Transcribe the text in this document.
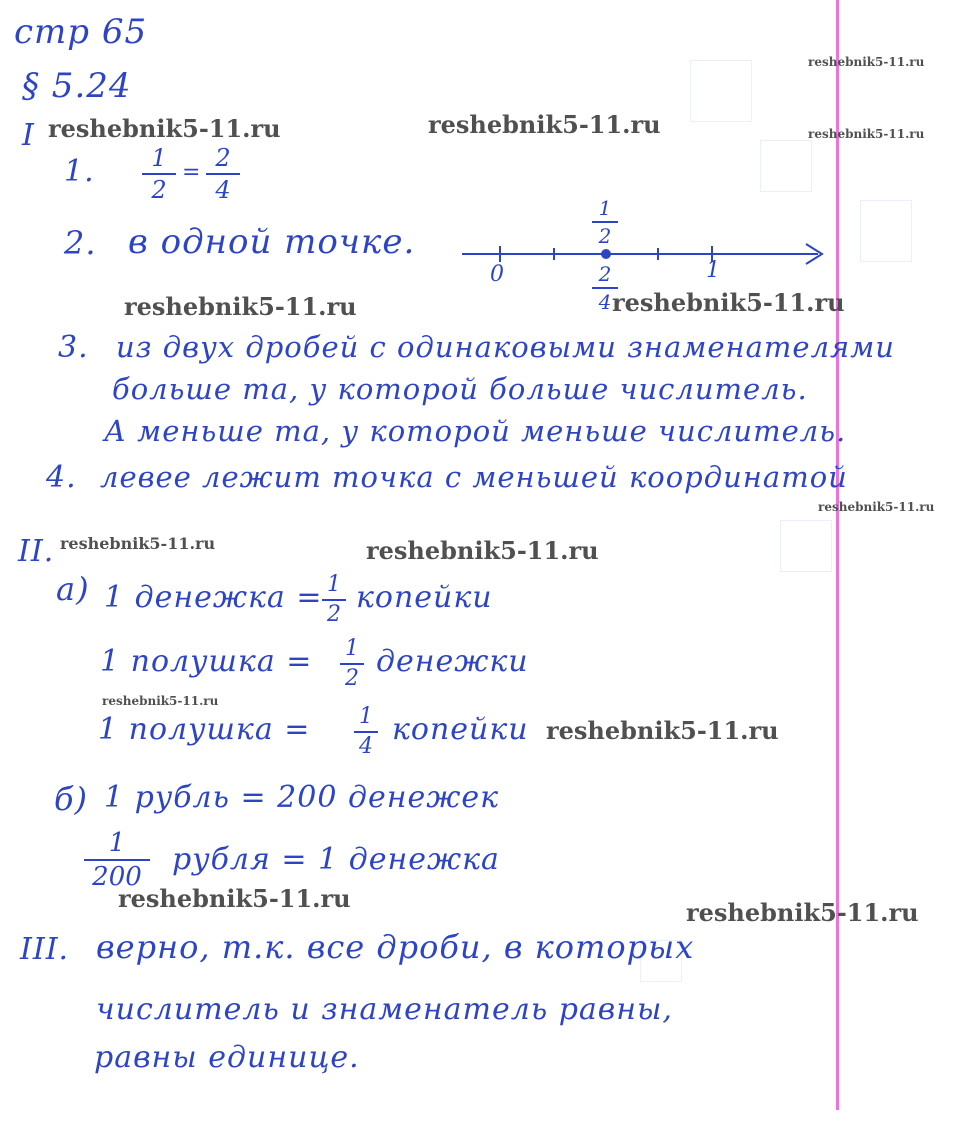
стр 65
§ 5.24
I
1.	1
2
=
2
4
2. в одной точке.
0	1
1
2
2
4
3. из двух дробей с одинаковыми знаменателями
больше та, у которой больше числитель.
А меньше та, у которой меньше числитель.
4. левее лежит точка с меньшей координатой
II.
а) 1 денежка = 1
2 копейки
1 полушка = 1
2 денежки
1 полушка = 1
4 копейки
б) 1 рубль = 200 денежек
1
200 рубля = 1 денежка
III. верно, т.к. все дроби, в которых
числитель и знаменатель равны,
равны единице.
reshebnik5-11.ru
reshebnik5-11.ru
reshebnik5-11.ru	reshebnik5-11.ru
reshebnik5-11.ru	reshebnik5-11.ru
reshebnik5-11.ru
reshebnik5-11.ru	reshebnik5-11.ru
reshebnik5-11.ru
reshebnik5-11.ru
reshebnik5-11.ru	reshebnik5-11.ru
